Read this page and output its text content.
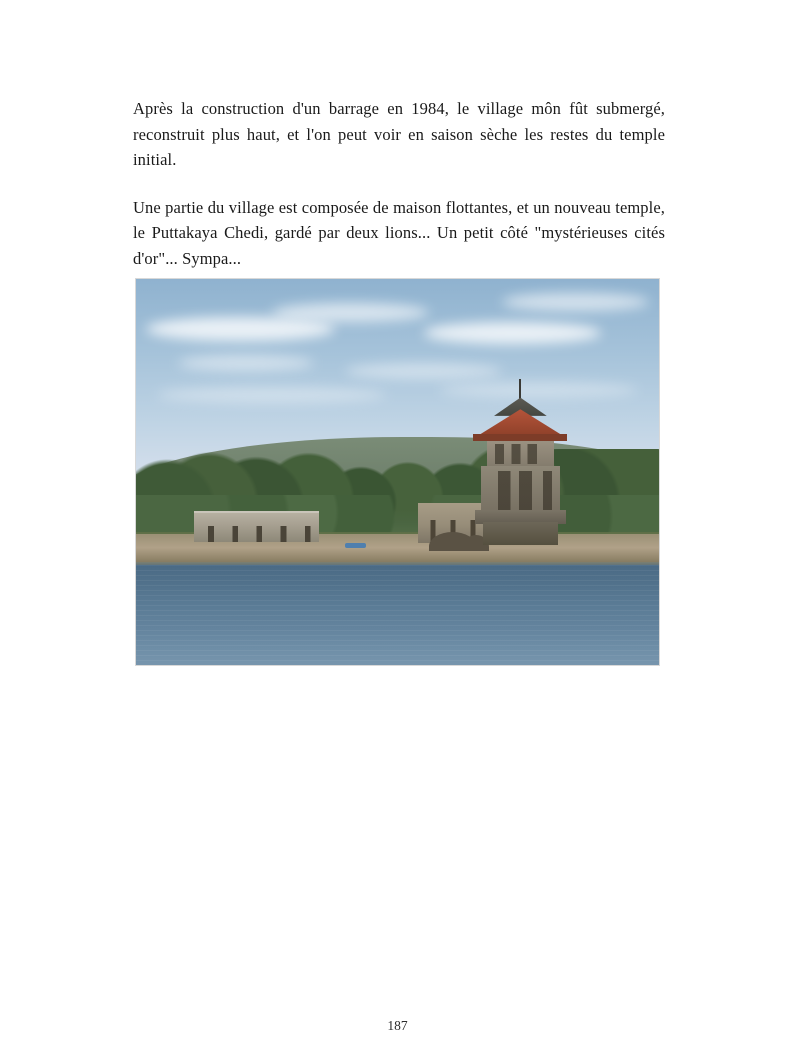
Après la construction d'un barrage en 1984, le village môn fût submergé, reconstruit plus haut, et l'on peut voir en saison sèche les restes du temple initial.

Une partie du village est composée de maison flottantes, et un nouveau temple, le Puttakaya Chedi, gardé par deux lions... Un petit côté "mystérieuses cités d'or"... Sympa...

187
